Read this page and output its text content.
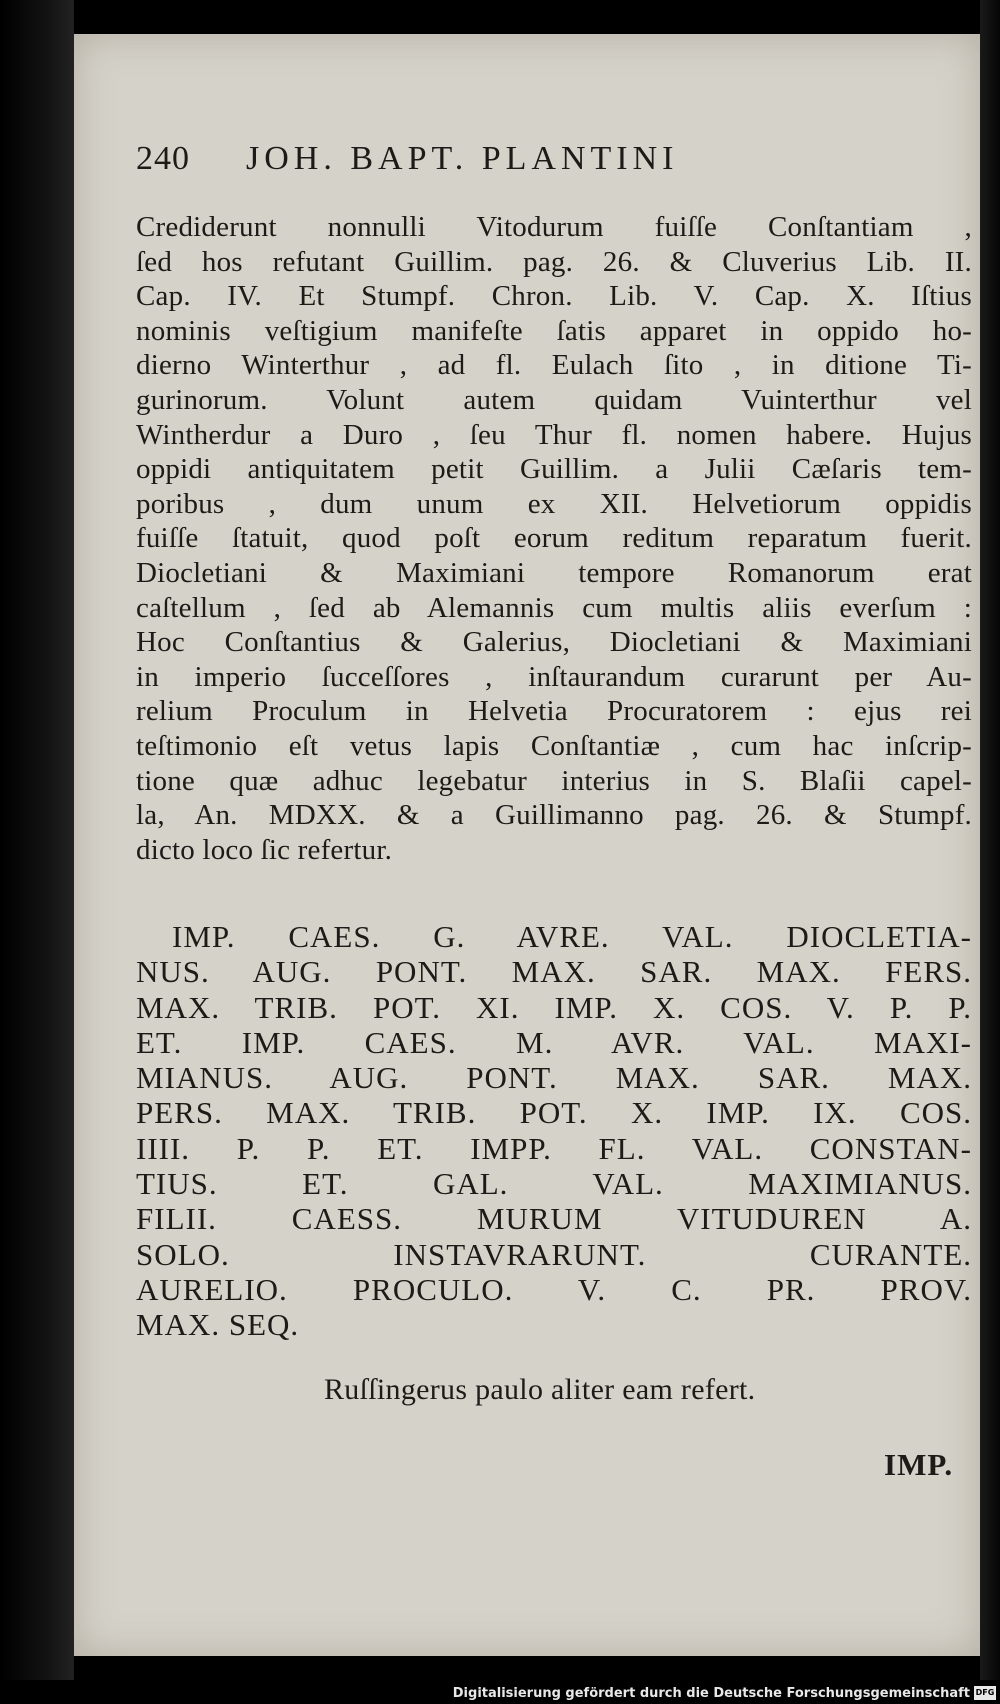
240 JOH. BAPT. PLANTINI
Crediderunt nonnulli Vitodurum fuiſſe Conſtantiam ,
ſed hos refutant Guillim. pag. 26. & Cluverius Lib. II.
Cap. IV. Et Stumpf. Chron. Lib. V. Cap. X. Iſtius
nominis veſtigium manifeſte ſatis apparet in oppido ho-
dierno Winterthur , ad fl. Eulach ſito , in ditione Ti-
gurinorum. Volunt autem quidam Vuinterthur vel
Wintherdur a Duro , ſeu Thur fl. nomen habere. Hujus
oppidi antiquitatem petit Guillim. a Julii Cæſaris tem-
poribus , dum unum ex XII. Helvetiorum oppidis
fuiſſe ſtatuit, quod poſt eorum reditum reparatum fuerit.
Diocletiani & Maximiani tempore Romanorum erat
caſtellum , ſed ab Alemannis cum multis aliis everſum :
Hoc Conſtantius & Galerius, Diocletiani & Maximiani
in imperio ſucceſſores , inſtaurandum curarunt per Au-
relium Proculum in Helvetia Procuratorem : ejus rei
teſtimonio eſt vetus lapis Conſtantiæ , cum hac inſcrip-
tione quæ adhuc legebatur interius in S. Blaſii capel-
la, An. MDXX. & a Guillimanno pag. 26. & Stumpf.
dicto loco ſic refertur.
IMP. CAES. G. AVRE. VAL. DIOCLETIA-
NUS. AUG. PONT. MAX. SAR. MAX. FERS.
MAX. TRIB. POT. XI. IMP. X. COS. V. P. P.
ET. IMP. CAES. M. AVR. VAL. MAXI-
MIANUS. AUG. PONT. MAX. SAR. MAX.
PERS. MAX. TRIB. POT. X. IMP. IX. COS.
IIII. P. P. ET. IMPP. FL. VAL. CONSTAN-
TIUS. ET. GAL. VAL. MAXIMIANUS.
FILII. CAESS. MURUM VITUDUREN A.
SOLO. INSTAVRARUNT. CURANTE.
AURELIO. PROCULO. V. C. PR. PROV.
MAX. SEQ.
Ruſſingerus paulo aliter eam refert.
IMP.
Digitalisierung gefördert durch die Deutsche Forschungsgemeinschaft DFG
